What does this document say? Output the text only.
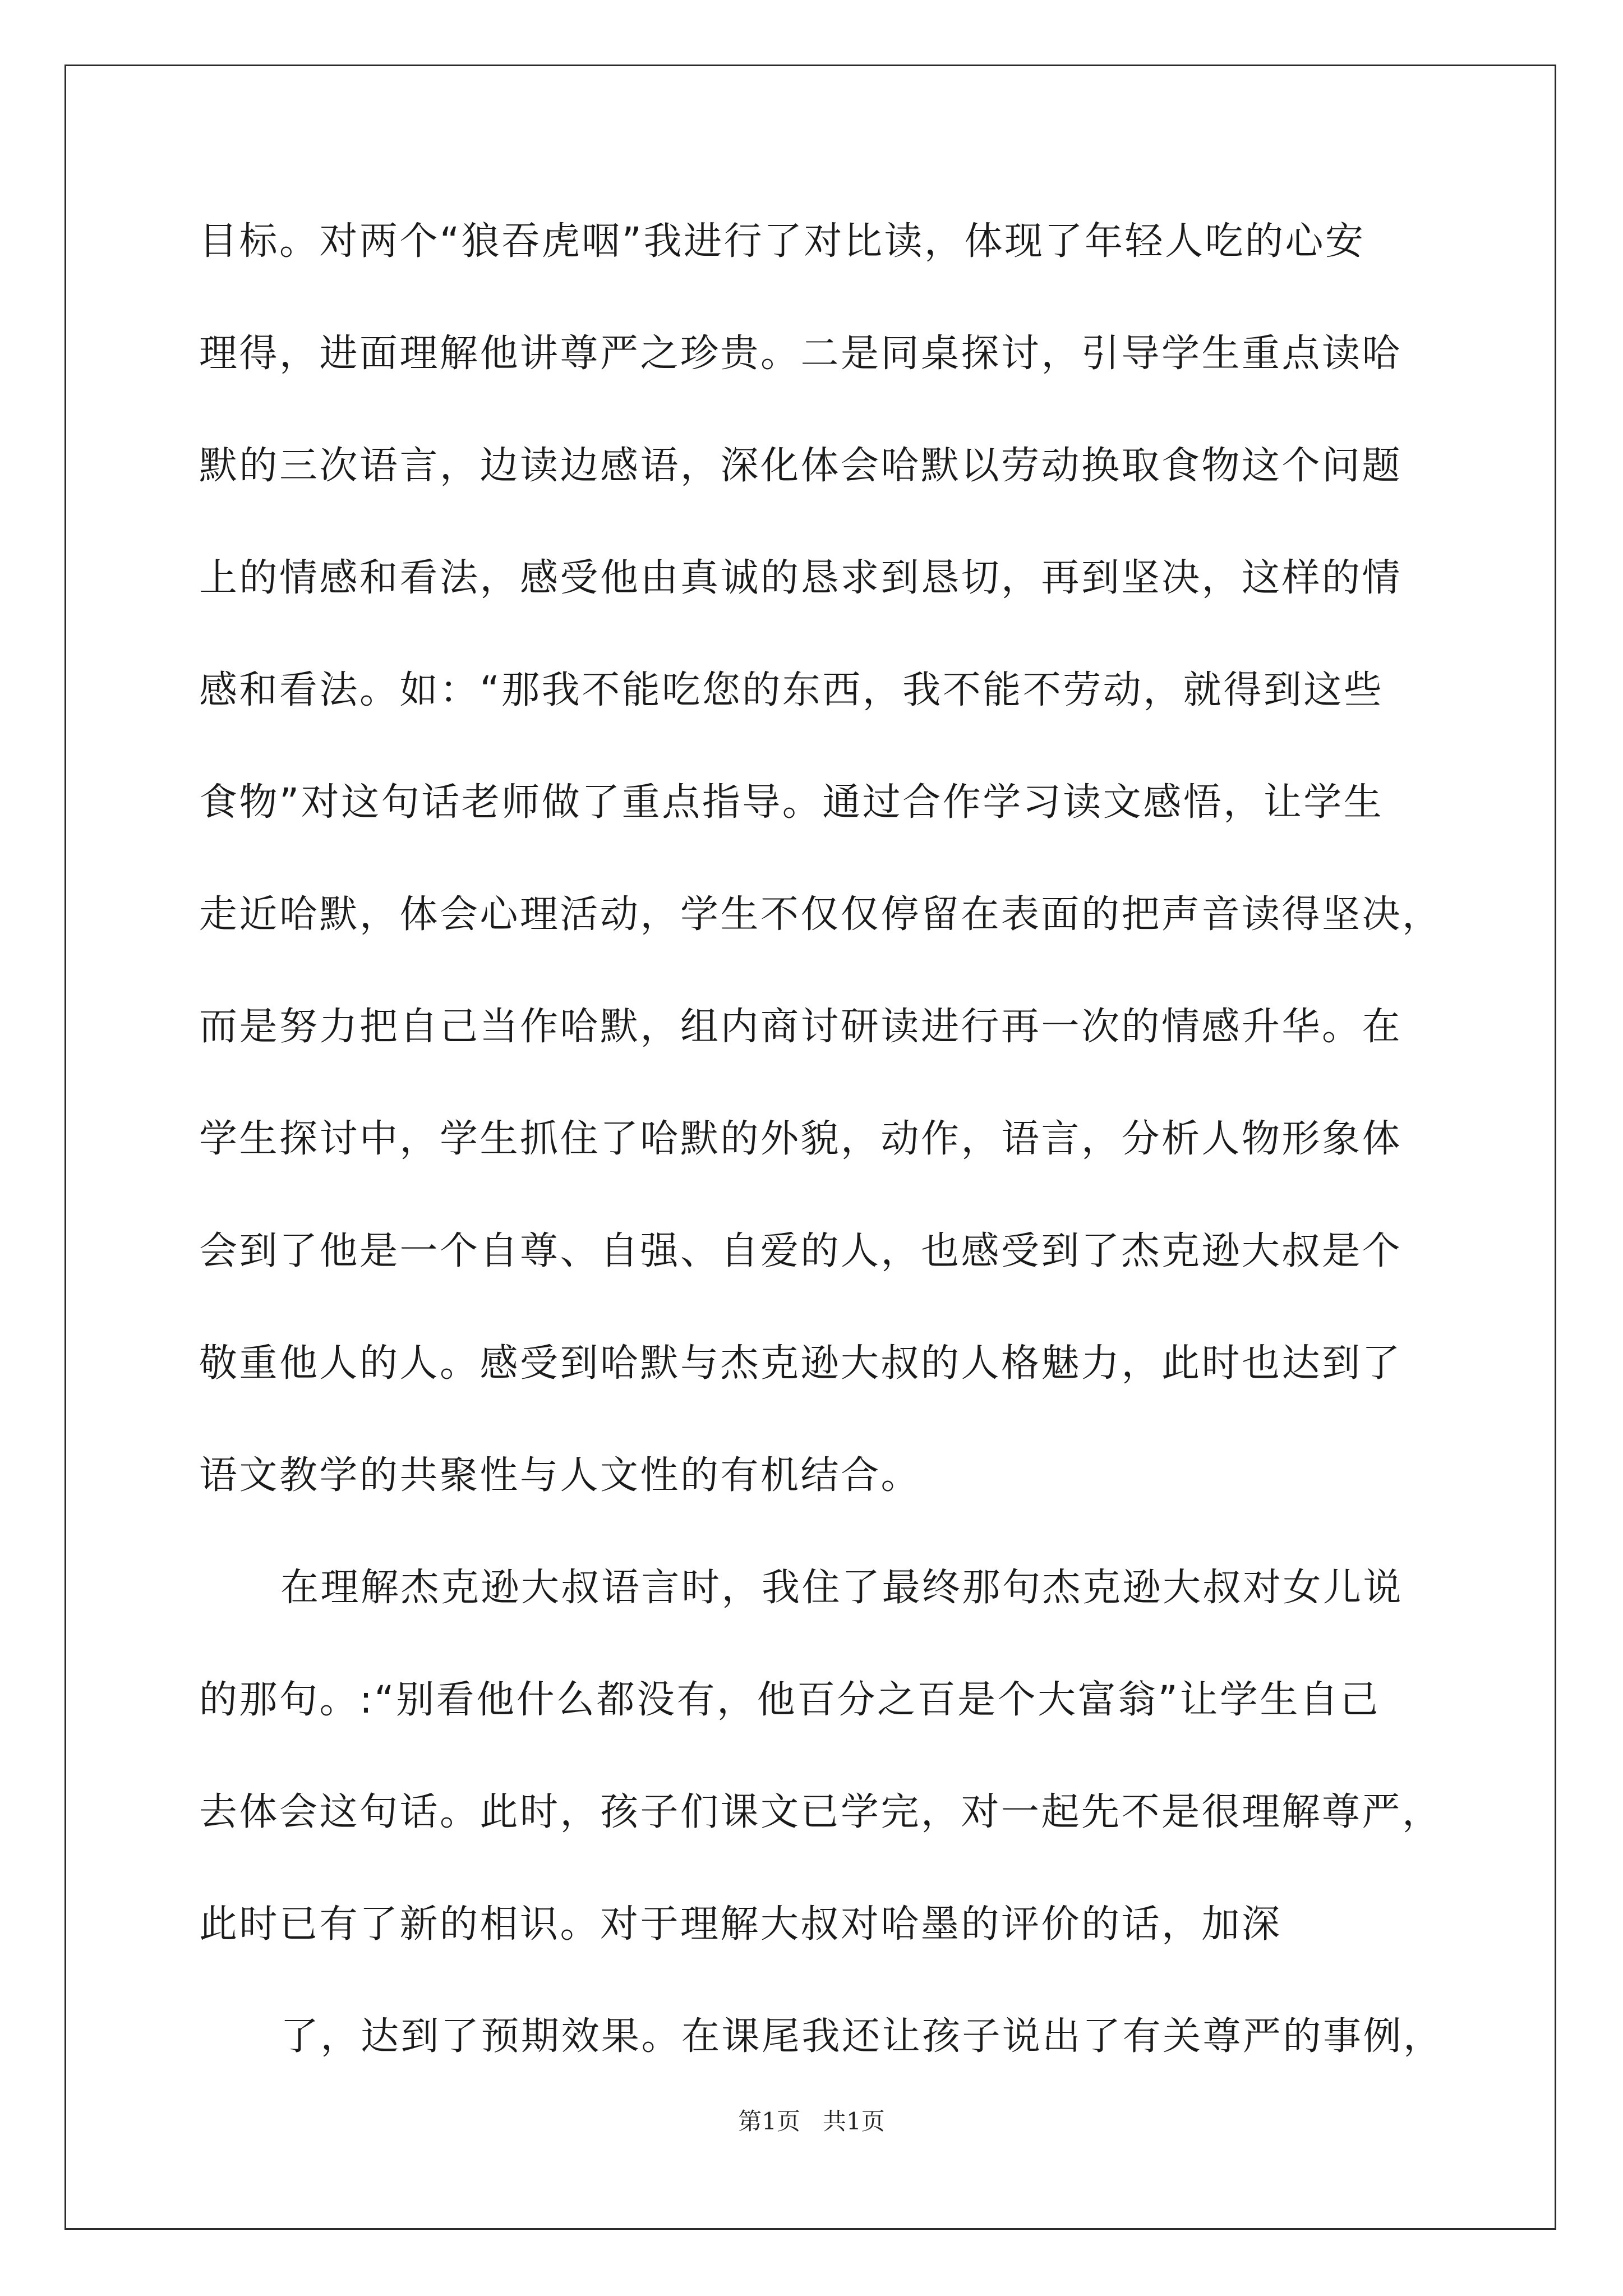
目标。对两个“狼吞虎咽”我进行了对比读，体现了年轻人吃的心安
理得，进面理解他讲尊严之珍贵。二是同桌探讨，引导学生重点读哈
默的三次语言，边读边感语，深化体会哈默以劳动换取食物这个问题
上的情感和看法，感受他由真诚的恳求到恳切，再到坚决，这样的情
感和看法。如：“那我不能吃您的东西，我不能不劳动，就得到这些
食物”对这句话老师做了重点指导。通过合作学习读文感悟，让学生
走近哈默，体会心理活动，学生不仅仅停留在表面的把声音读得坚决，
而是努力把自己当作哈默，组内商讨研读进行再一次的情感升华。在
学生探讨中，学生抓住了哈默的外貌，动作，语言，分析人物形象体
会到了他是一个自尊、自强、自爱的人，也感受到了杰克逊大叔是个
敬重他人的人。感受到哈默与杰克逊大叔的人格魅力，此时也达到了
语文教学的共聚性与人文性的有机结合。
在理解杰克逊大叔语言时，我住了最终那句杰克逊大叔对女儿说
的那句。:“别看他什么都没有，他百分之百是个大富翁”让学生自己
去体会这句话。此时，孩子们课文已学完，对一起先不是很理解尊严，
此时已有了新的相识。对于理解大叔对哈墨的评价的话，加深
了，达到了预期效果。在课尾我还让孩子说出了有关尊严的事例，
第1页   共1页
